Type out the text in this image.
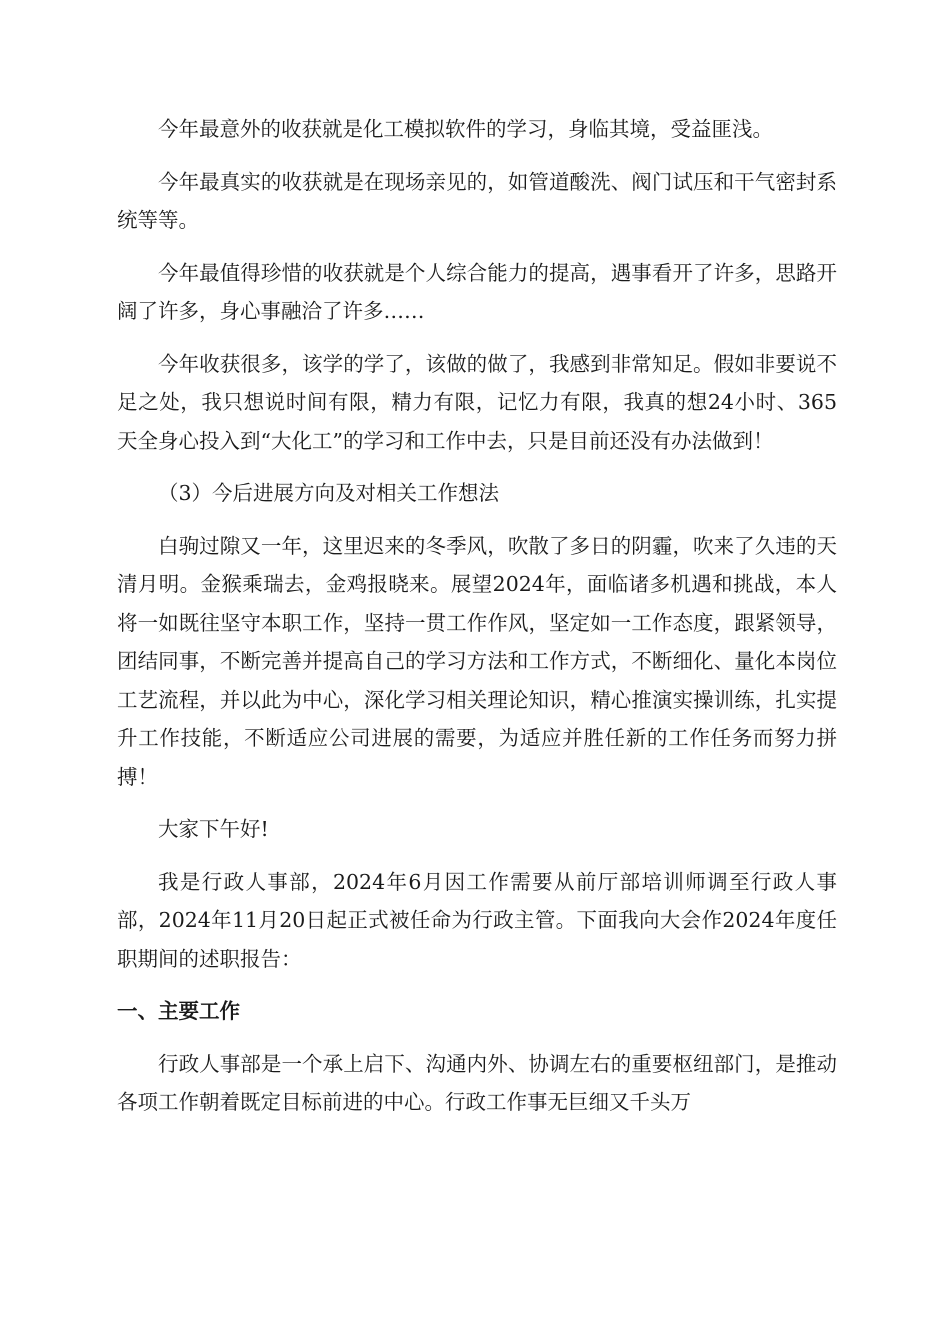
今年最意外的收获就是化工模拟软件的学习，身临其境，受益匪浅。

今年最真实的收获就是在现场亲见的，如管道酸洗、阀门试压和干气密封系统等等。

今年最值得珍惜的收获就是个人综合能力的提高，遇事看开了许多，思路开阔了许多，身心事融洽了许多……

今年收获很多，该学的学了，该做的做了，我感到非常知足。假如非要说不足之处，我只想说时间有限，精力有限，记忆力有限，我真的想24小时、365天全身心投入到“大化工”的学习和工作中去，只是目前还没有办法做到！

（3）今后进展方向及对相关工作想法

白驹过隙又一年，这里迟来的冬季风，吹散了多日的阴霾，吹来了久违的天清月明。金猴乘瑞去，金鸡报晓来。展望2024年，面临诸多机遇和挑战，本人将一如既往坚守本职工作，坚持一贯工作作风，坚定如一工作态度，跟紧领导，团结同事，不断完善并提高自己的学习方法和工作方式，不断细化、量化本岗位工艺流程，并以此为中心，深化学习相关理论知识，精心推演实操训练，扎实提升工作技能，不断适应公司进展的需要，为适应并胜任新的工作任务而努力拼搏！

大家下午好!

我是行政人事部，2024年6月因工作需要从前厅部培训师调至行政人事部，2024年11月20日起正式被任命为行政主管。下面我向大会作2024年度任职期间的述职报告：

一、主要工作

行政人事部是一个承上启下、沟通内外、协调左右的重要枢纽部门，是推动各项工作朝着既定目标前进的中心。行政工作事无巨细又千头万
